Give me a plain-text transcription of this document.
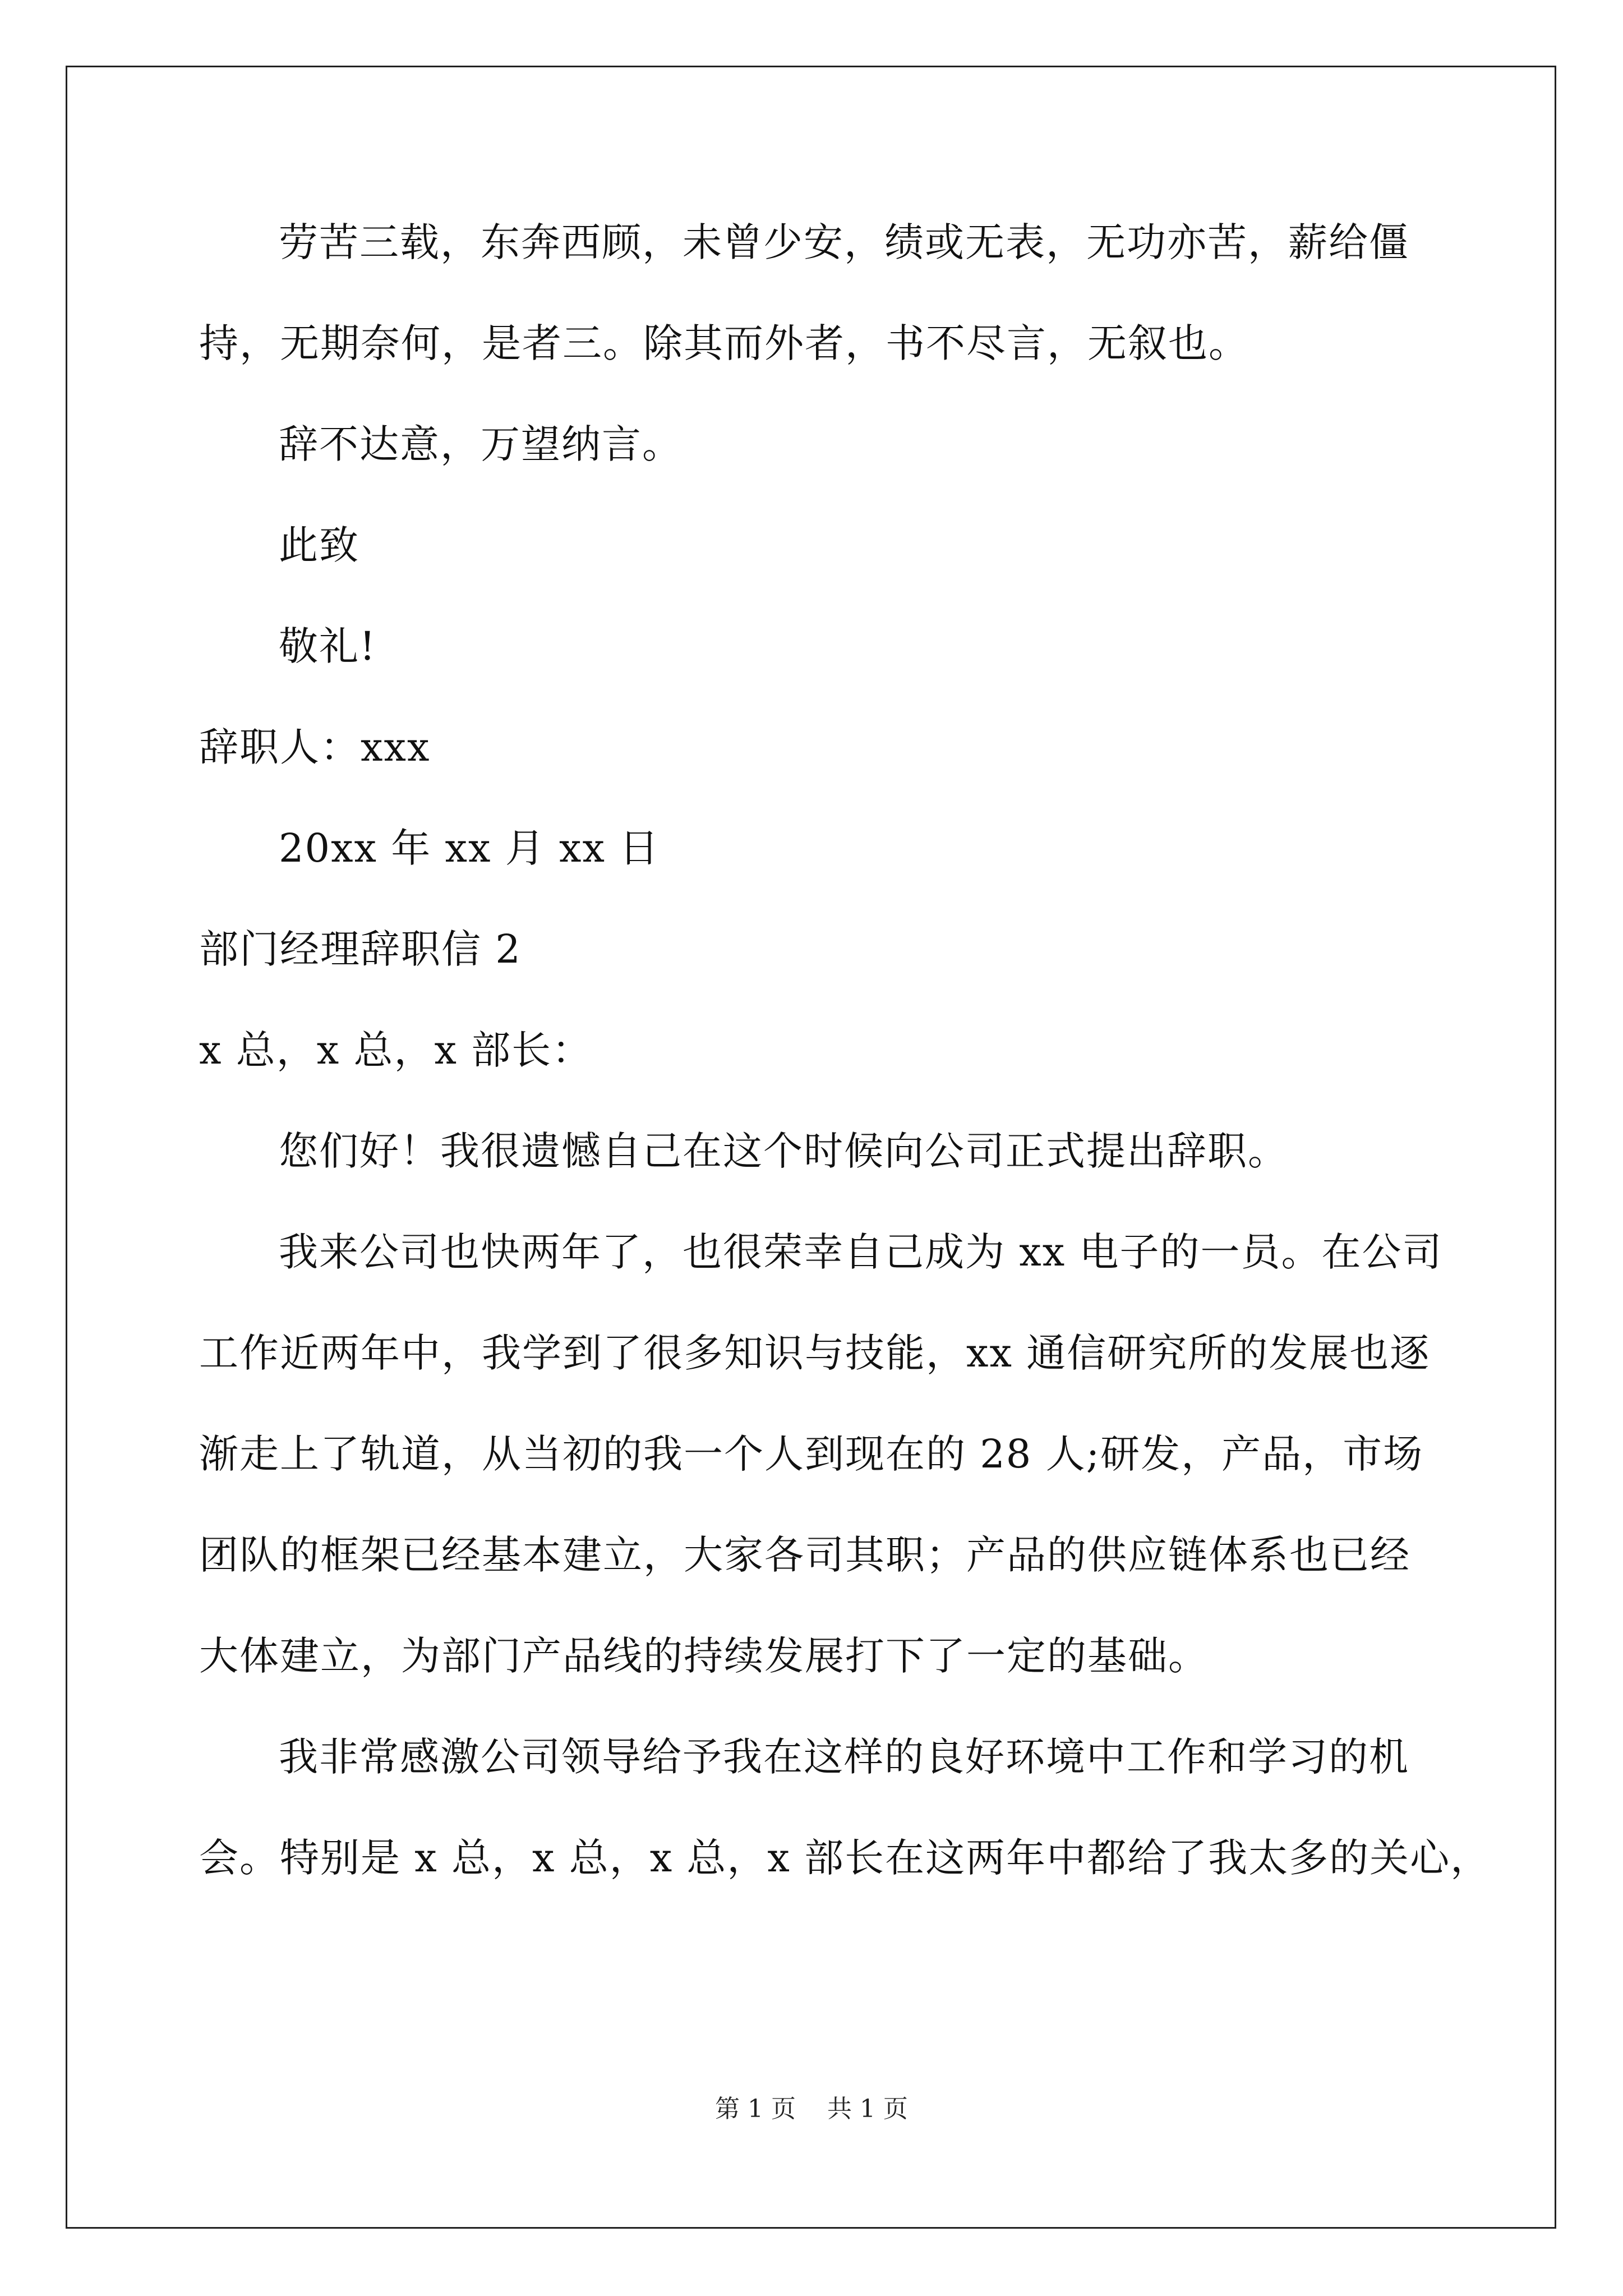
劳苦三载，东奔西顾，未曾少安，绩或无表，无功亦苦，薪给僵
持，无期奈何，是者三。除其而外者，书不尽言，无叙也。
辞不达意，万望纳言。
此致
敬礼!
辞职人：xxx
20xx 年 xx 月 xx 日
部门经理辞职信 2
x 总，x 总，x 部长：
您们好！我很遗憾自己在这个时候向公司正式提出辞职。
我来公司也快两年了，也很荣幸自己成为 xx 电子的一员。在公司
工作近两年中，我学到了很多知识与技能，xx 通信研究所的发展也逐
渐走上了轨道，从当初的我一个人到现在的 28 人;研发，产品，市场
团队的框架已经基本建立，大家各司其职；产品的供应链体系也已经
大体建立，为部门产品线的持续发展打下了一定的基础。
我非常感激公司领导给予我在这样的良好环境中工作和学习的机
会。特别是 x 总，x 总，x 总，x 部长在这两年中都给了我太多的关心，
第 1 页    共 1 页
